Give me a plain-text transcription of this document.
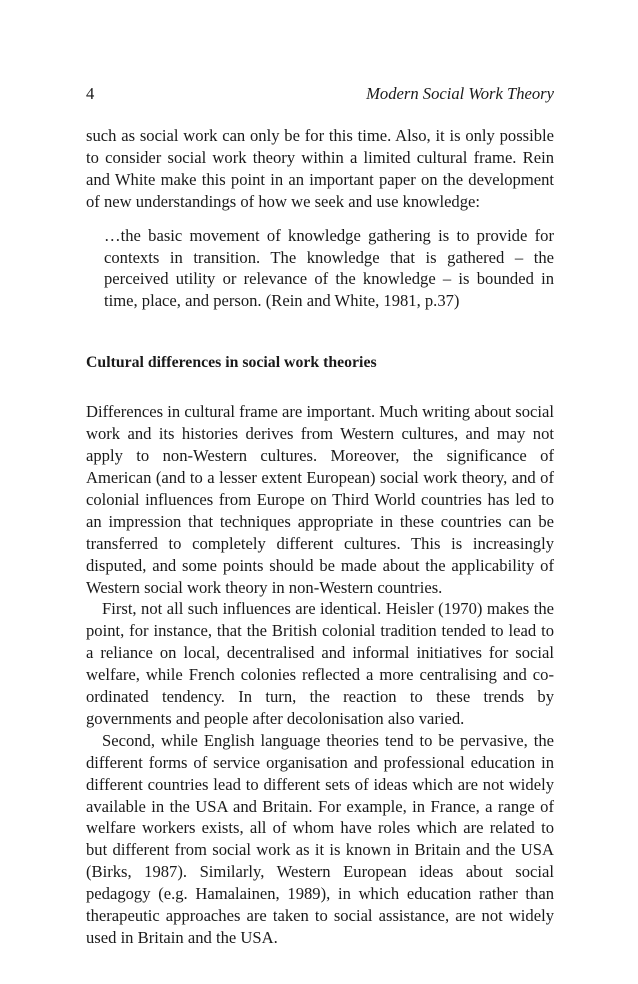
4	Modern Social Work Theory

such as social work can only be for this time. Also, it is only possible to consider social work theory within a limited cultural frame. Rein and White make this point in an important paper on the development of new understandings of how we seek and use knowledge:

…the basic movement of knowledge gathering is to provide for contexts in transition. The knowledge that is gathered – the perceived utility or relevance of the knowledge – is bounded in time, place, and person. (Rein and White, 1981, p.37)

Cultural differences in social work theories

Differences in cultural frame are important. Much writing about social work and its histories derives from Western cultures, and may not apply to non-Western cultures. Moreover, the significance of American (and to a lesser extent European) social work theory, and of colonial influences from Europe on Third World countries has led to an impression that techniques appropriate in these countries can be transferred to completely different cultures. This is increasingly disputed, and some points should be made about the applicability of Western social work theory in non-Western countries.

First, not all such influences are identical. Heisler (1970) makes the point, for instance, that the British colonial tradition tended to lead to a reliance on local, decentralised and informal initiatives for social welfare, while French colonies reflected a more centralising and co-ordinated tendency. In turn, the reaction to these trends by governments and people after decolonisation also varied.

Second, while English language theories tend to be pervasive, the different forms of service organisation and professional education in different countries lead to different sets of ideas which are not widely available in the USA and Britain. For example, in France, a range of welfare workers exists, all of whom have roles which are related to but different from social work as it is known in Britain and the USA (Birks, 1987). Similarly, Western European ideas about social pedagogy (e.g. Hamalainen, 1989), in which education rather than therapeutic approaches are taken to social assistance, are not widely used in Britain and the USA.
